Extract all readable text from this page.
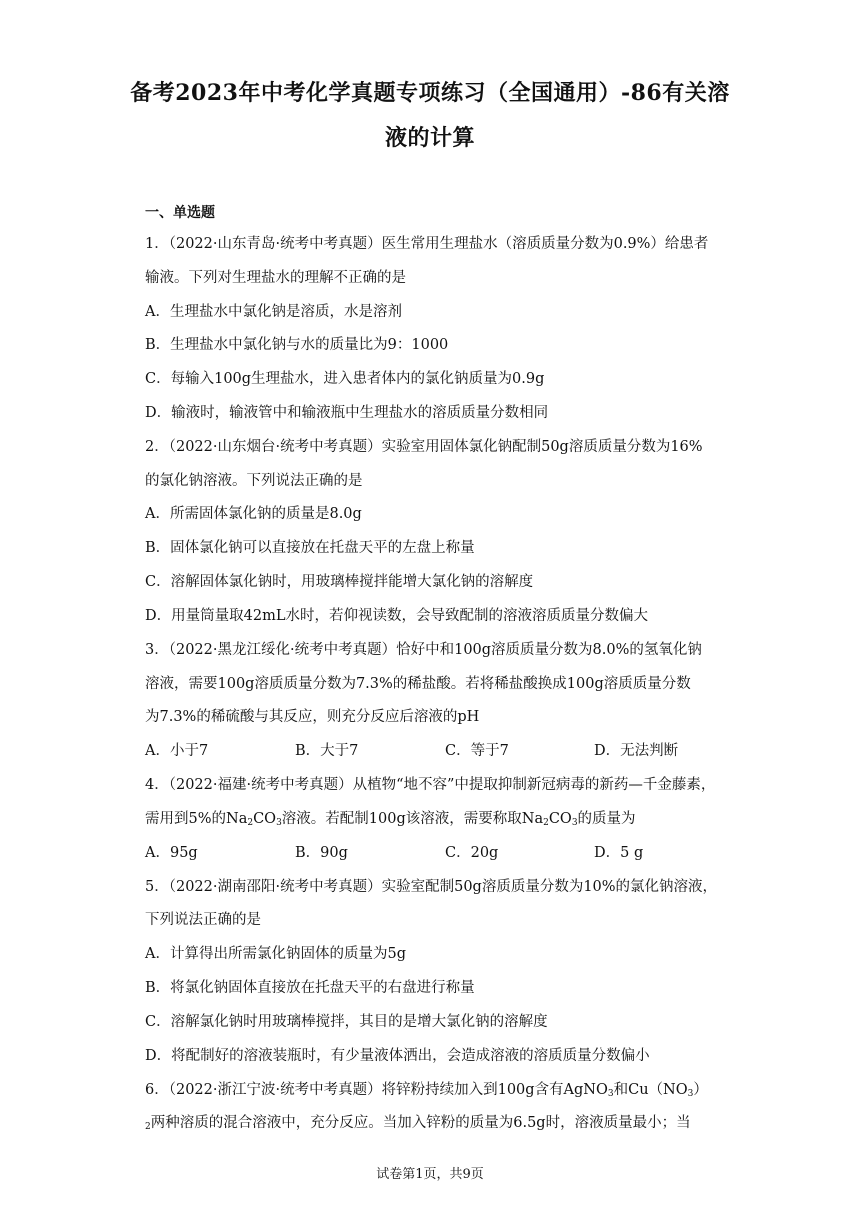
备考2023年中考化学真题专项练习（全国通用）-86有关溶
液的计算
一、单选题
1．（2022·山东青岛·统考中考真题）医生常用生理盐水（溶质质量分数为0.9%）给患者
输液。下列对生理盐水的理解不正确的是
A．生理盐水中氯化钠是溶质，水是溶剂
B．生理盐水中氯化钠与水的质量比为9：1000
C．每输入100g生理盐水，进入患者体内的氯化钠质量为0.9g
D．输液时，输液管中和输液瓶中生理盐水的溶质质量分数相同
2．（2022·山东烟台·统考中考真题）实验室用固体氯化钠配制50g溶质质量分数为16%
的氯化钠溶液。下列说法正确的是
A．所需固体氯化钠的质量是8.0g
B．固体氯化钠可以直接放在托盘天平的左盘上称量
C．溶解固体氯化钠时，用玻璃棒搅拌能增大氯化钠的溶解度
D．用量筒量取42mL水时，若仰视读数，会导致配制的溶液溶质质量分数偏大
3．（2022·黑龙江绥化·统考中考真题）恰好中和100g溶质质量分数为8.0%的氢氧化钠
溶液，需要100g溶质质量分数为7.3%的稀盐酸。若将稀盐酸换成100g溶质质量分数
为7.3%的稀硫酸与其反应，则充分反应后溶液的pH
A．小于7	B．大于7	C．等于7	D．无法判断
4．（2022·福建·统考中考真题）从植物“地不容”中提取抑制新冠病毒的新药—千金藤素，
需用到5%的$Na_2CO_3$溶液。若配制100g该溶液，需要称取$Na_2CO_3$的质量为
A．95g	B．90g	C．20g	D．5 g
5．（2022·湖南邵阳·统考中考真题）实验室配制50g溶质质量分数为10%的氯化钠溶液，
下列说法正确的是
A．计算得出所需氯化钠固体的质量为5g
B．将氯化钠固体直接放在托盘天平的右盘进行称量
C．溶解氯化钠时用玻璃棒搅拌，其目的是增大氯化钠的溶解度
D．将配制好的溶液装瓶时，有少量液体洒出，会造成溶液的溶质质量分数偏小
6．（2022·浙江宁波·统考中考真题）将锌粉持续加入到100g含有AgNO$_3$和$Cu(NO_3)$
$_2$两种溶质的混合溶液中，充分反应。当加入锌粉的质量为6.5g时，溶液质量最小；当
试卷第1页，共9页
